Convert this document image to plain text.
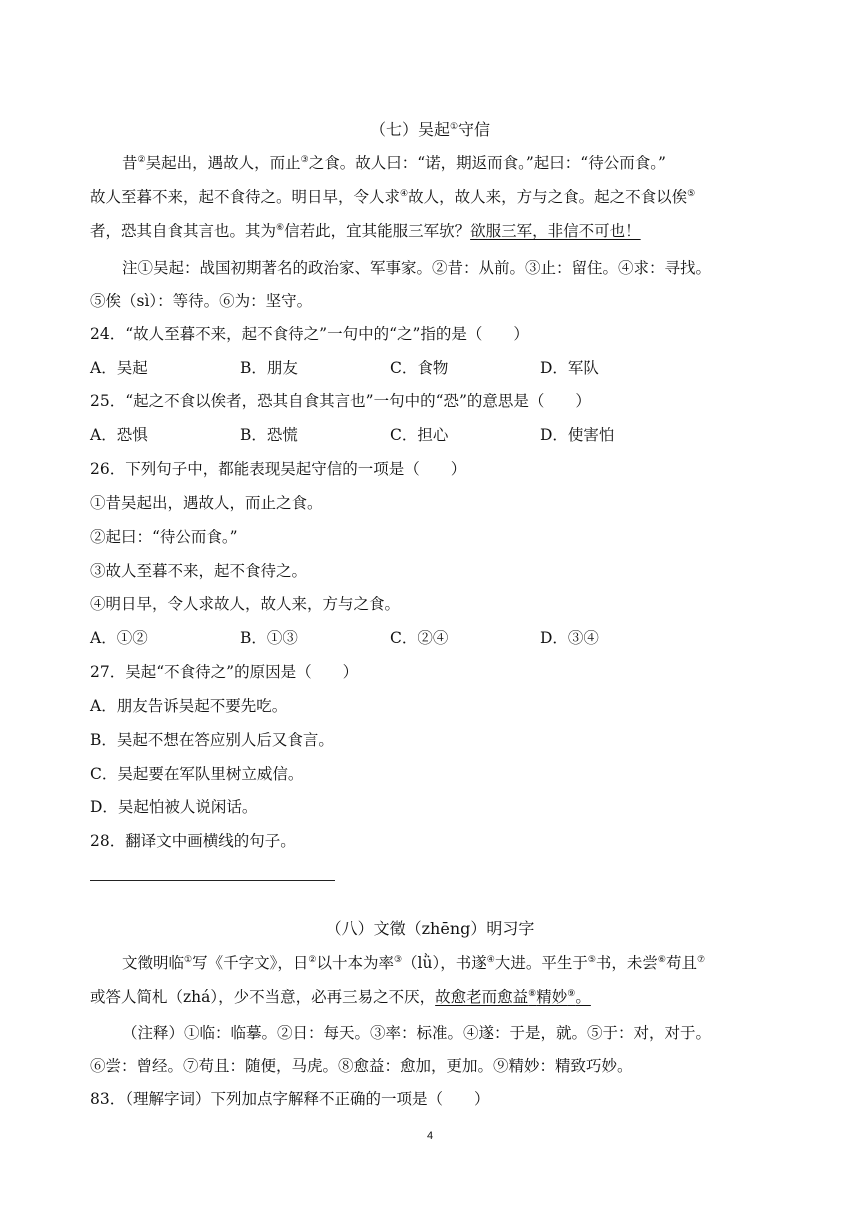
（七）吴起①守信
昔②吴起出，遇故人，而止③之食。故人曰：“诺，期返而食。”起曰：“待公而食。”
故人至暮不来，起不食待之。明日早，令人求④故人，故人来，方与之食。起之不食以俟⑤
者，恐其自食其言也。其为⑥信若此，宜其能服三军欤？欲服三军，非信不可也！
注①吴起：战国初期著名的政治家、军事家。②昔：从前。③止：留住。④求：寻找。
⑤俟（sì）：等待。⑥为：坚守。
24．“故人至暮不来，起不食待之”一句中的“之”指的是（　　）
A．吴起	B．朋友	C．食物	D．军队
25．“起之不食以俟者，恐其自食其言也”一句中的“恐”的意思是（　　）
A．恐惧	B．恐慌	C．担心	D．使害怕
26．下列句子中，都能表现吴起守信的一项是（　　）
①昔吴起出，遇故人，而止之食。
②起曰：“待公而食。”
③故人至暮不来，起不食待之。
④明日早，令人求故人，故人来，方与之食。
A．①②	B．①③	C．②④	D．③④
27．吴起“不食待之”的原因是（　　）
A．朋友告诉吴起不要先吃。
B．吴起不想在答应别人后又食言。
C．吴起要在军队里树立威信。
D．吴起怕被人说闲话。
28．翻译文中画横线的句子。
（八）文徵（zhēng）明习字
文徵明临①写《千字文》，日②以十本为率③（lǜ），书遂④大进。平生于⑤书，未尝⑥苟且⑦
或答人简札（zhá），少不当意，必再三易之不厌，故愈老而愈益⑧精妙⑨。
（注释）①临：临摹。②日：每天。③率：标准。④遂：于是，就。⑤于：对，对于。
⑥尝：曾经。⑦苟且：随便，马虎。⑧愈益：愈加，更加。⑨精妙：精致巧妙。
83．（理解字词）下列加点字解释不正确的一项是（　　）
4
